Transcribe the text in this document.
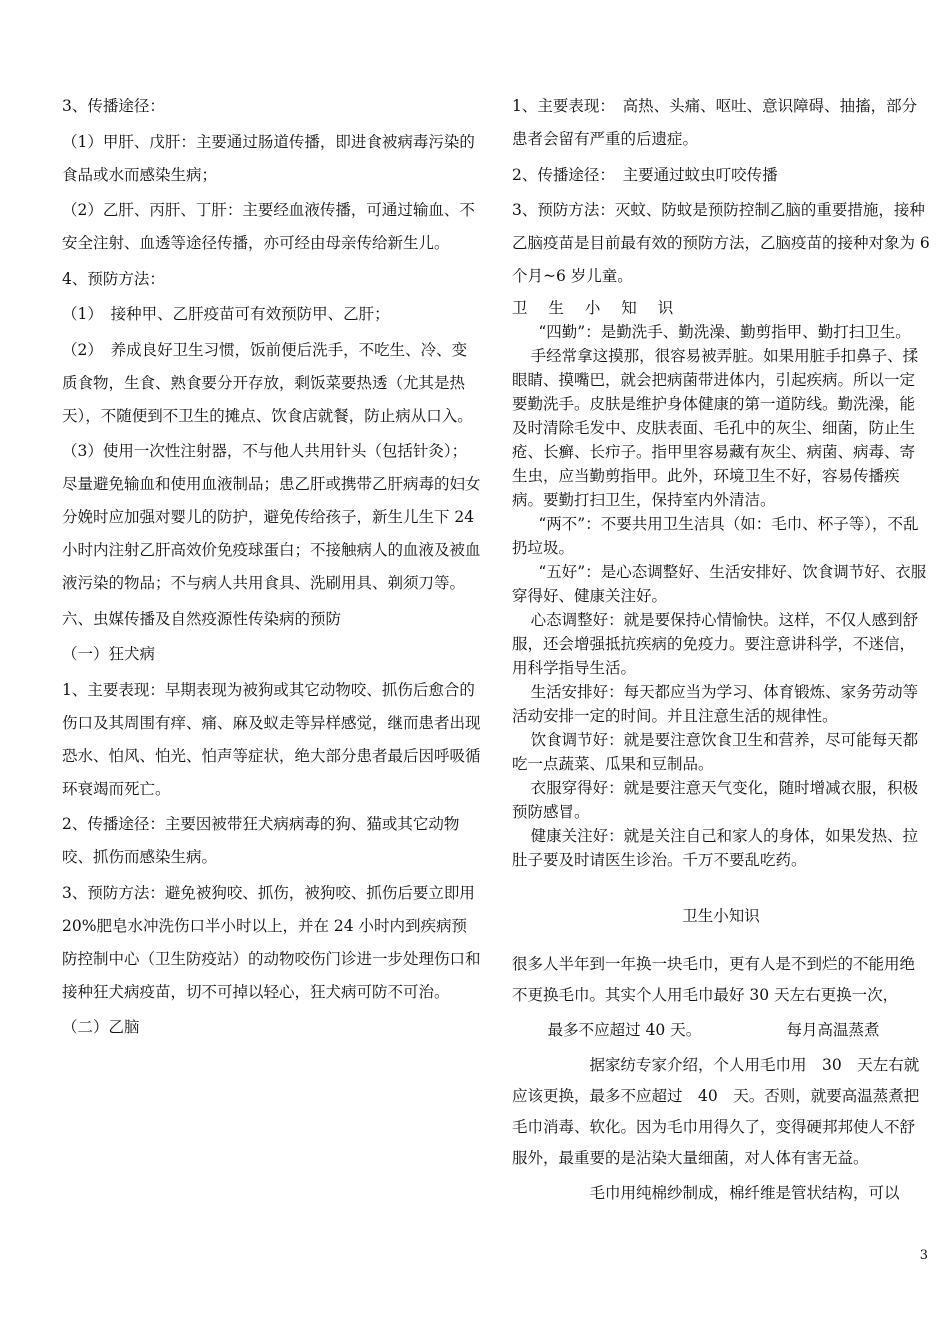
3、传播途径：

（1）甲肝、戊肝：主要通过肠道传播，即进食被病毒污染的食品或水而感染生病；

（2）乙肝、丙肝、丁肝：主要经血液传播，可通过输血、不安全注射、血透等途径传播，亦可经由母亲传给新生儿。

4、预防方法：

（1）　接种甲、乙肝疫苗可有效预防甲、乙肝；

（2）　养成良好卫生习惯，饭前便后洗手，不吃生、冷、变质食物，生食、熟食要分开存放，剩饭菜要热透（尤其是热天），不随便到不卫生的摊点、饮食店就餐，防止病从口入。

（3）使用一次性注射器，不与他人共用针头（包括针灸）；尽量避免输血和使用血液制品；患乙肝或携带乙肝病毒的妇女分娩时应加强对婴儿的防护，避免传给孩子，新生儿生下 24 小时内注射乙肝高效价免疫球蛋白；不接触病人的血液及被血液污染的物品；不与病人共用食具、洗刷用具、剃须刀等。

六、虫媒传播及自然疫源性传染病的预防

（一）狂犬病

1、主要表现：早期表现为被狗或其它动物咬、抓伤后愈合的伤口及其周围有痒、痛、麻及蚁走等异样感觉，继而患者出现恐水、怕风、怕光、怕声等症状，绝大部分患者最后因呼吸循环衰竭而死亡。

2、传播途径：主要因被带狂犬病病毒的狗、猫或其它动物咬、抓伤而感染生病。

3、预防方法：避免被狗咬、抓伤，被狗咬、抓伤后要立即用 20%肥皂水冲洗伤口半小时以上，并在 24 小时内到疾病预防控制中心（卫生防疫站）的动物咬伤门诊进一步处理伤口和接种狂犬病疫苗，切不可掉以轻心，狂犬病可防不可治。

（二）乙脑

1、主要表现：　高热、头痛、呕吐、意识障碍、抽搐，部分患者会留有严重的后遗症。

2、传播途径：　主要通过蚊虫叮咬传播

3、预防方法：灭蚊、防蚊是预防控制乙脑的重要措施，接种乙脑疫苗是目前最有效的预防方法，乙脑疫苗的接种对象为 6 个月~6 岁儿童。

卫 生 小 知 识

“四勤”：是勤洗手、勤洗澡、勤剪指甲、勤打扫卫生。

手经常拿这摸那，很容易被弄脏。如果用脏手扣鼻子、揉眼睛、摸嘴巴，就会把病菌带进体内，引起疾病。所以一定要勤洗手。皮肤是维护身体健康的第一道防线。勤洗澡，能及时清除毛发中、皮肤表面、毛孔中的灰尘、细菌，防止生疮、长癣、长疖子。指甲里容易藏有灰尘、病菌、病毒、寄生虫，应当勤剪指甲。此外，环境卫生不好，容易传播疾病。要勤打扫卫生，保持室内外清洁。

“两不”：不要共用卫生洁具（如：毛巾、杯子等），不乱扔垃圾。

“五好”：是心态调整好、生活安排好、饮食调节好、衣服穿得好、健康关注好。

心态调整好：就是要保持心情愉快。这样，不仅人感到舒服，还会增强抵抗疾病的免疫力。要注意讲科学，不迷信，用科学指导生活。

生活安排好：每天都应当为学习、体育锻炼、家务劳动等活动安排一定的时间。并且注意生活的规律性。

饮食调节好：就是要注意饮食卫生和营养，尽可能每天都吃一点蔬菜、瓜果和豆制品。

衣服穿得好：就是要注意天气变化，随时增减衣服，积极预防感冒。

健康关注好：就是关注自己和家人的身体，如果发热、拉肚子要及时请医生诊治。千万不要乱吃药。

卫生小知识

很多人半年到一年换一块毛巾，更有人是不到烂的不能用绝不更换毛巾。其实个人用毛巾最好 30 天左右更换一次，

最多不应超过 40 天。　　　　　　每月高温蒸煮

据家纺专家介绍，个人用毛巾用　30　天左右就应该更换，最多不应超过　40　天。否则，就要高温蒸煮把毛巾消毒、软化。因为毛巾用得久了，变得硬邦邦使人不舒服外，最重要的是沾染大量细菌，对人体有害无益。

毛巾用纯棉纱制成，棉纤维是管状结构，可以

3
